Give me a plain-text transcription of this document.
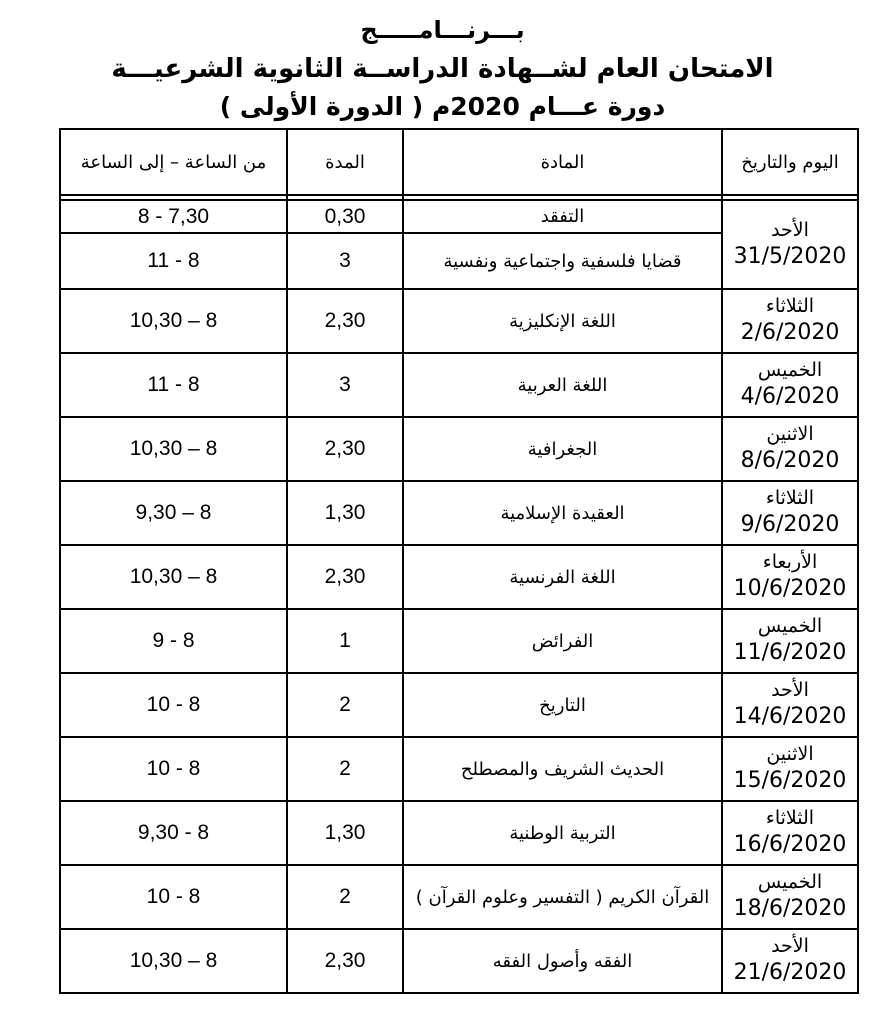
بـــرنـــامـــــج
الامتحان العام لشــهادة الدراســة الثانوية الشرعيـــة
دورة عـــام 2020م ( الدورة الأولى )
اليوم والتاريخ	المادة	المدة	من الساعة – إلى الساعة

الأحد
31/5/2020	التفقد	0,30	8 - 7,30
	قضايا فلسفية واجتماعية ونفسية	3	11 - 8

الثلاثاء
2/6/2020	اللغة الإنكليزية	2,30	10,30 – 8

الخميس
4/6/2020	اللغة العربية	3	11 - 8

الاثنين
8/6/2020	الجغرافية	2,30	10,30 – 8

الثلاثاء
9/6/2020	العقيدة الإسلامية	1,30	9,30 – 8

الأربعاء
10/6/2020	اللغة الفرنسية	2,30	10,30 – 8

الخميس
11/6/2020	الفرائض	1	9 - 8

الأحد
14/6/2020	التاريخ	2	10 - 8

الاثنين
15/6/2020	الحديث الشريف والمصطلح	2	10 - 8

الثلاثاء
16/6/2020	التربية الوطنية	1,30	9,30 - 8

الخميس
18/6/2020	القرآن الكريم ( التفسير وعلوم القرآن )	2	10 - 8

الأحد
21/6/2020	الفقه وأصول الفقه	2,30	10,30 – 8
